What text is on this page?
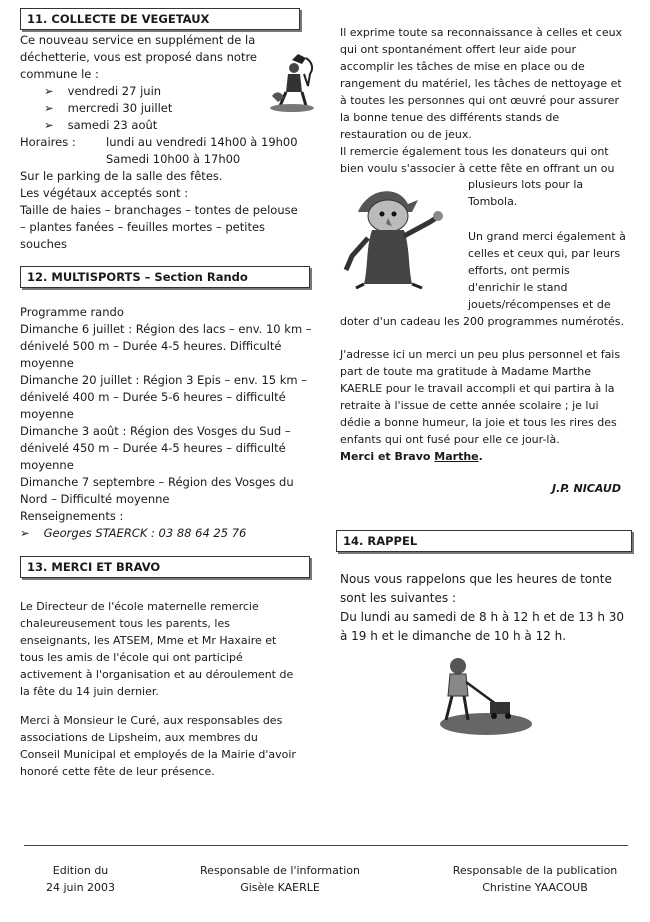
11. COLLECTE DE VEGETAUX

Ce nouveau service en supplément de la

déchetterie, vous est proposé dans notre

commune le :

➢ vendredi 27 juin
➢ mercredi 30 juillet
➢ samedi 23 août

Horaires :	lundi au vendredi 14h00 à 19h00

Samedi 10h00 à 17h00

Sur le parking de la salle des fêtes.

Les végétaux acceptés sont :

Taille de haies – branchages – tontes de pelouse

– plantes fanées – feuilles mortes – petites

souches

12. MULTISPORTS – Section Rando

Programme rando

Dimanche 6 juillet : Région des lacs – env. 10 km –

dénivelé 500 m – Durée 4-5 heures. Difficulté

moyenne

Dimanche 20 juillet : Région 3 Epis – env. 15 km –

dénivelé 400 m – Durée 5-6 heures – difficulté

moyenne

Dimanche 3 août : Région des Vosges du Sud –

dénivelé 450 m – Durée 4-5 heures – difficulté

moyenne

Dimanche 7 septembre – Région des Vosges du

Nord – Difficulté moyenne

Renseignements :

➢ Georges STAERCK : 03 88 64 25 76

13. MERCI ET BRAVO

Le Directeur de l'école maternelle remercie

chaleureusement tous les parents, les

enseignants, les ATSEM, Mme et Mr Haxaire et

tous les amis de l'école qui ont participé

activement à l'organisation et au déroulement de

la fête du 14 juin dernier.

Merci à Monsieur le Curé, aux responsables des

associations de Lipsheim, aux membres du

Conseil Municipal et employés de la Mairie d'avoir

honoré cette fête de leur présence.

Il exprime toute sa reconnaissance à celles et ceux

qui ont spontanément offert leur aide pour

accomplir les tâches de mise en place ou de

rangement du matériel, les tâches de nettoyage et

à toutes les personnes qui ont œuvré pour assurer

la bonne tenue des différents stands de

restauration ou de jeux.

Il remercie également tous les donateurs qui ont

bien voulu s'associer à cette fête en offrant un ou

plusieurs lots pour la

Tombola.

Un grand merci également à

celles et ceux qui, par leurs

efforts, ont permis

d'enrichir le stand

jouets/récompenses et de

doter d'un cadeau les 200 programmes numérotés.

J'adresse ici un merci un peu plus personnel et fais

part de toute ma gratitude à Madame Marthe

KAERLE pour le travail accompli et qui partira à la

retraite à l'issue de cette année scolaire ; je lui

dédie a bonne humeur, la joie et tous les rires des

enfants qui ont fusé pour elle ce jour-là.

Merci et Bravo Marthe.

J.P. NICAUD
14. RAPPEL

Nous vous rappelons que les heures de tonte

sont les suivantes :

Du lundi au samedi de 8 h à 12 h et de 13 h 30

à 19 h et le dimanche de 10 h à 12 h.

Edition du
24 juin 2003
Responsable de l'information
Gisèle KAERLE
Responsable de la publication
Christine YAACOUB
